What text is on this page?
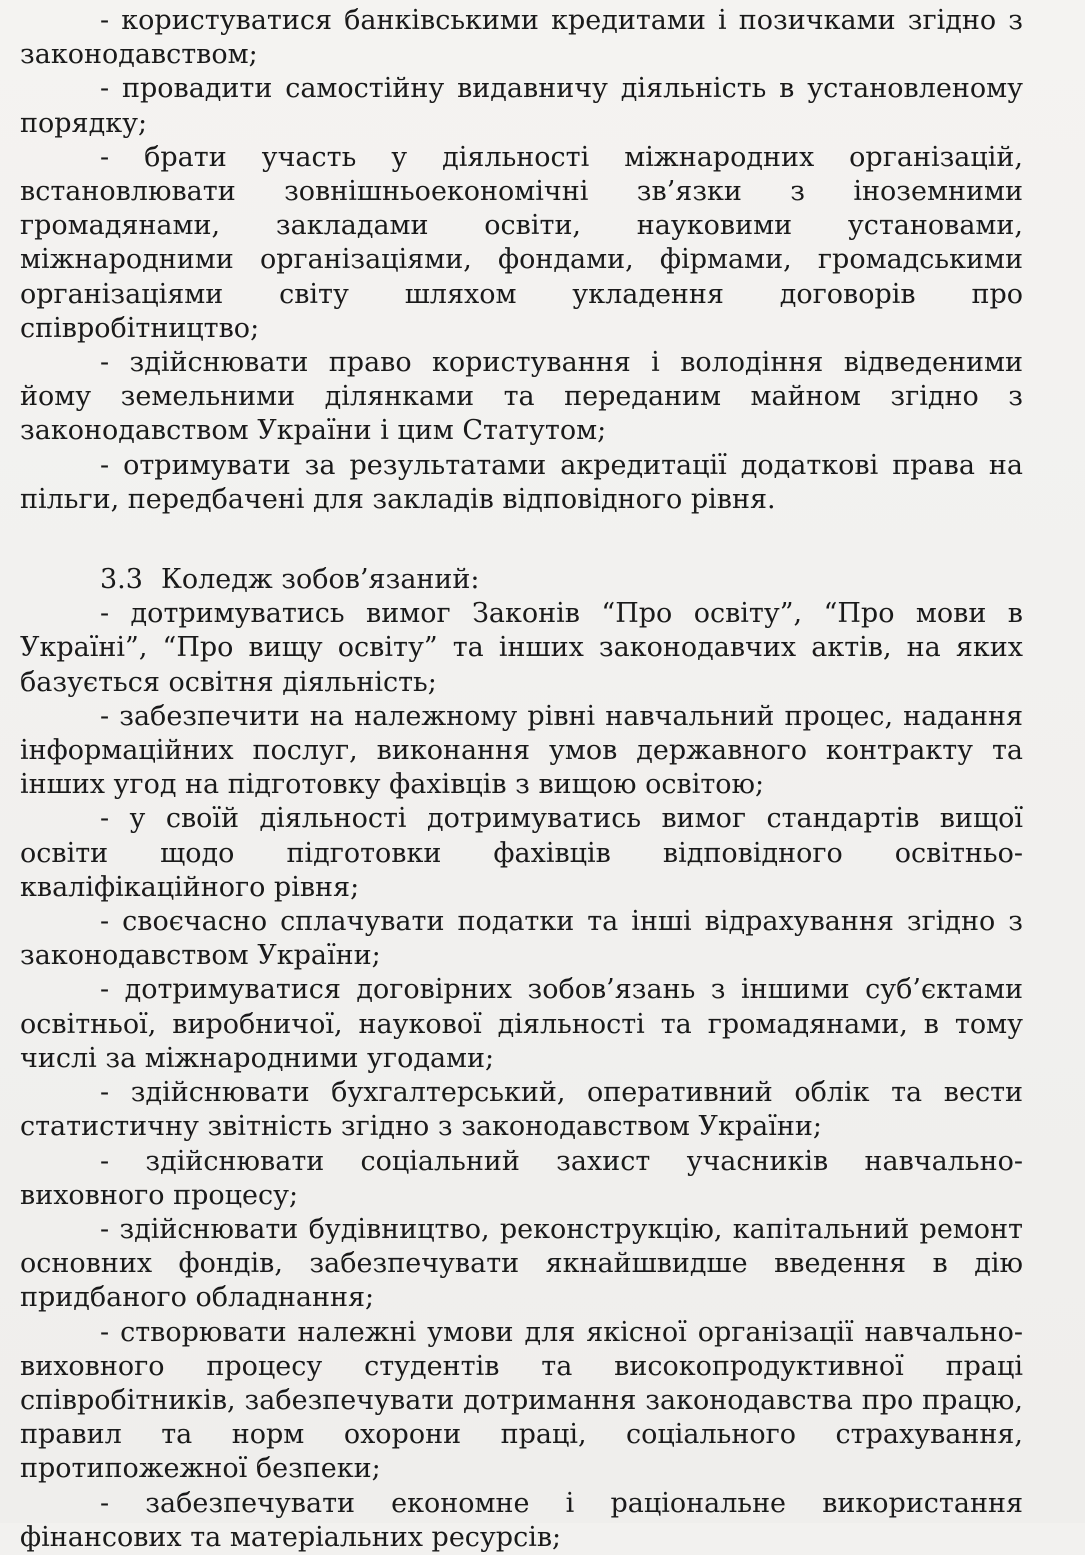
- користуватися банківськими кредитами і позичками згідно з законодавством;

- провадити самостійну видавничу діяльність в установленому порядку;

- брати участь у діяльності міжнародних організацій, встановлювати зовнішньоекономічні зв’язки з іноземними громадянами, закладами освіти, науковими установами, міжнародними організаціями, фондами, фірмами, громадськими організаціями світу шляхом укладення договорів про співробітництво;

- здійснювати право користування і володіння відведеними йому земельними ділянками та переданим майном згідно з законодавством України і цим Статутом;

- отримувати за результатами акредитації додаткові права на пільги, передбачені для закладів відповідного рівня.

3.3 Коледж зобов’язаний:

- дотримуватись вимог Законів “Про освіту”, “Про мови в Україні”, “Про вищу освіту” та інших законодавчих актів, на яких базується освітня діяльність;

- забезпечити на належному рівні навчальний процес, надання інформаційних послуг, виконання умов державного контракту та інших угод на підготовку фахівців з вищою освітою;

- у своїй діяльності дотримуватись вимог стандартів вищої освіти щодо підготовки фахівців відповідного освітньо-кваліфікаційного рівня;

- своєчасно сплачувати податки та інші відрахування згідно з законодавством України;

- дотримуватися договірних зобов’язань з іншими суб’єктами освітньої, виробничої, наукової діяльності та громадянами, в тому числі за міжнародними угодами;

- здійснювати бухгалтерський, оперативний облік та вести статистичну звітність згідно з законодавством України;

- здійснювати соціальний захист учасників навчально-виховного процесу;

- здійснювати будівництво, реконструкцію, капітальний ремонт основних фондів, забезпечувати якнайшвидше введення в дію придбаного обладнання;

- створювати належні умови для якісної організації навчально-виховного процесу студентів та високопродуктивної праці співробітників, забезпечувати дотримання законодавства про працю, правил та норм охорони праці, соціального страхування, протипожежної безпеки;

- забезпечувати економне і раціональне використання фінансових та матеріальних ресурсів;
